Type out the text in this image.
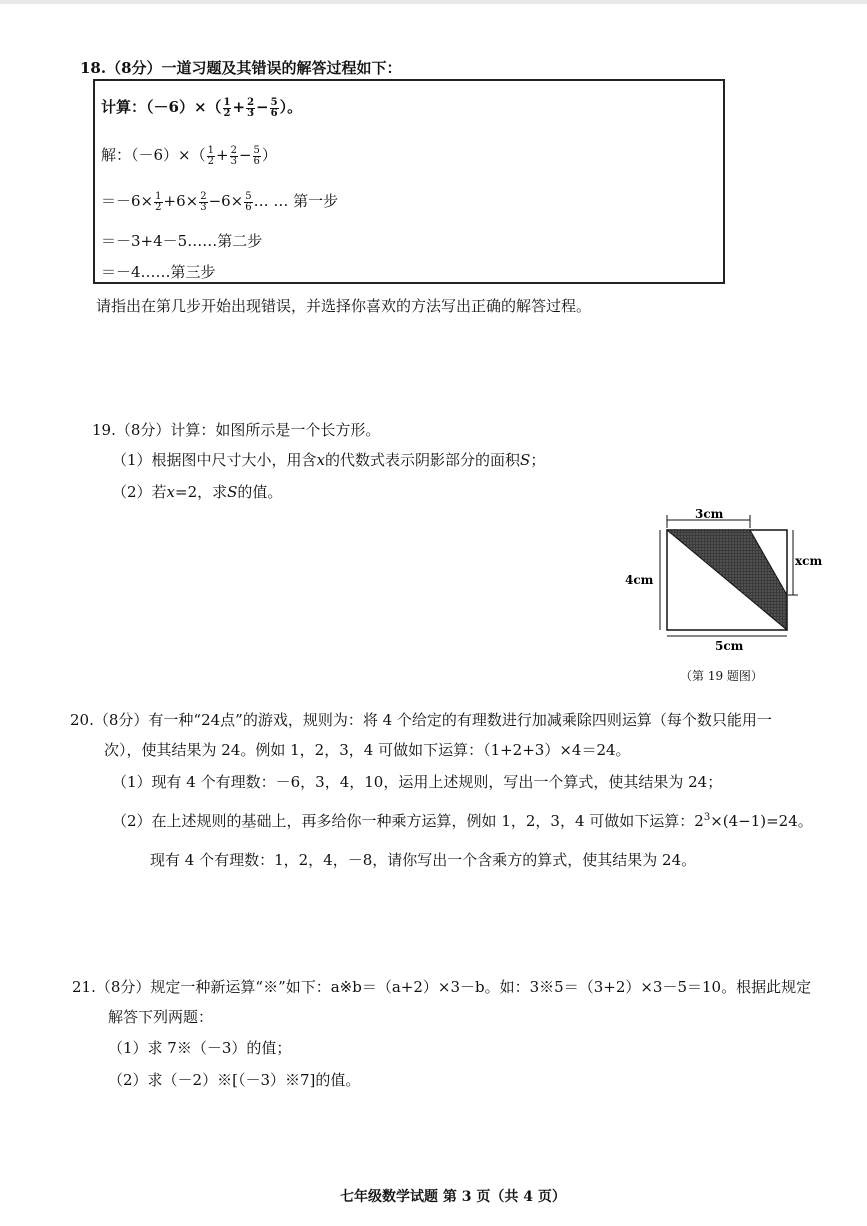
18.（8分）一道习题及其错误的解答过程如下：
计算：$(-6)\times( \frac{1}{2} + \frac{2}{3} - \frac{5}{6}$ ）。
解：$(-6)\times( \frac{1}{2} + \frac{2}{3} - \frac{5}{6}$ ）
$=-6\times \frac{1}{2} +6\times \frac{2}{3} -6\times \frac{5}{6}$ … … 第一步
＝－3+4－5……第二步
＝－4……第三步
请指出在第几步开始出现错误，并选择你喜欢的方法写出正确的解答过程。
19.（8分）计算：如图所示是一个长方形。
（1）根据图中尺寸大小，用含x的代数式表示阴影部分的面积S；
（2）若x=2，求S的值。
3cm
xcm
4cm
5cm
（第 19 题图）
20.（8分）有一种“24点”的游戏，规则为：将 4 个给定的有理数进行加减乘除四则运算（每个数只能用一
次），使其结果为 24。例如 1，2，3，4 可做如下运算：（1+2+3）×4＝24。
（1）现有 4 个有理数：－6，3，4，10，运用上述规则，写出一个算式，使其结果为 24；
（2）在上述规则的基础上，再多给你一种乘方运算，例如 1，2，3，4 可做如下运算：$2^3\times(4-1)=24$。
现有 4 个有理数：1，2，4，－8，请你写出一个含乘方的算式，使其结果为 24。
21.（8分）规定一种新运算“※”如下：a※b＝（a+2）×3－b。如：3※5＝（3+2）×3－5＝10。根据此规定
解答下列两题：
（1）求 7※（－3）的值；
（2）求（－2）※[（－3）※7]的值。
七年级数学试题 第 3 页（共 4 页）
